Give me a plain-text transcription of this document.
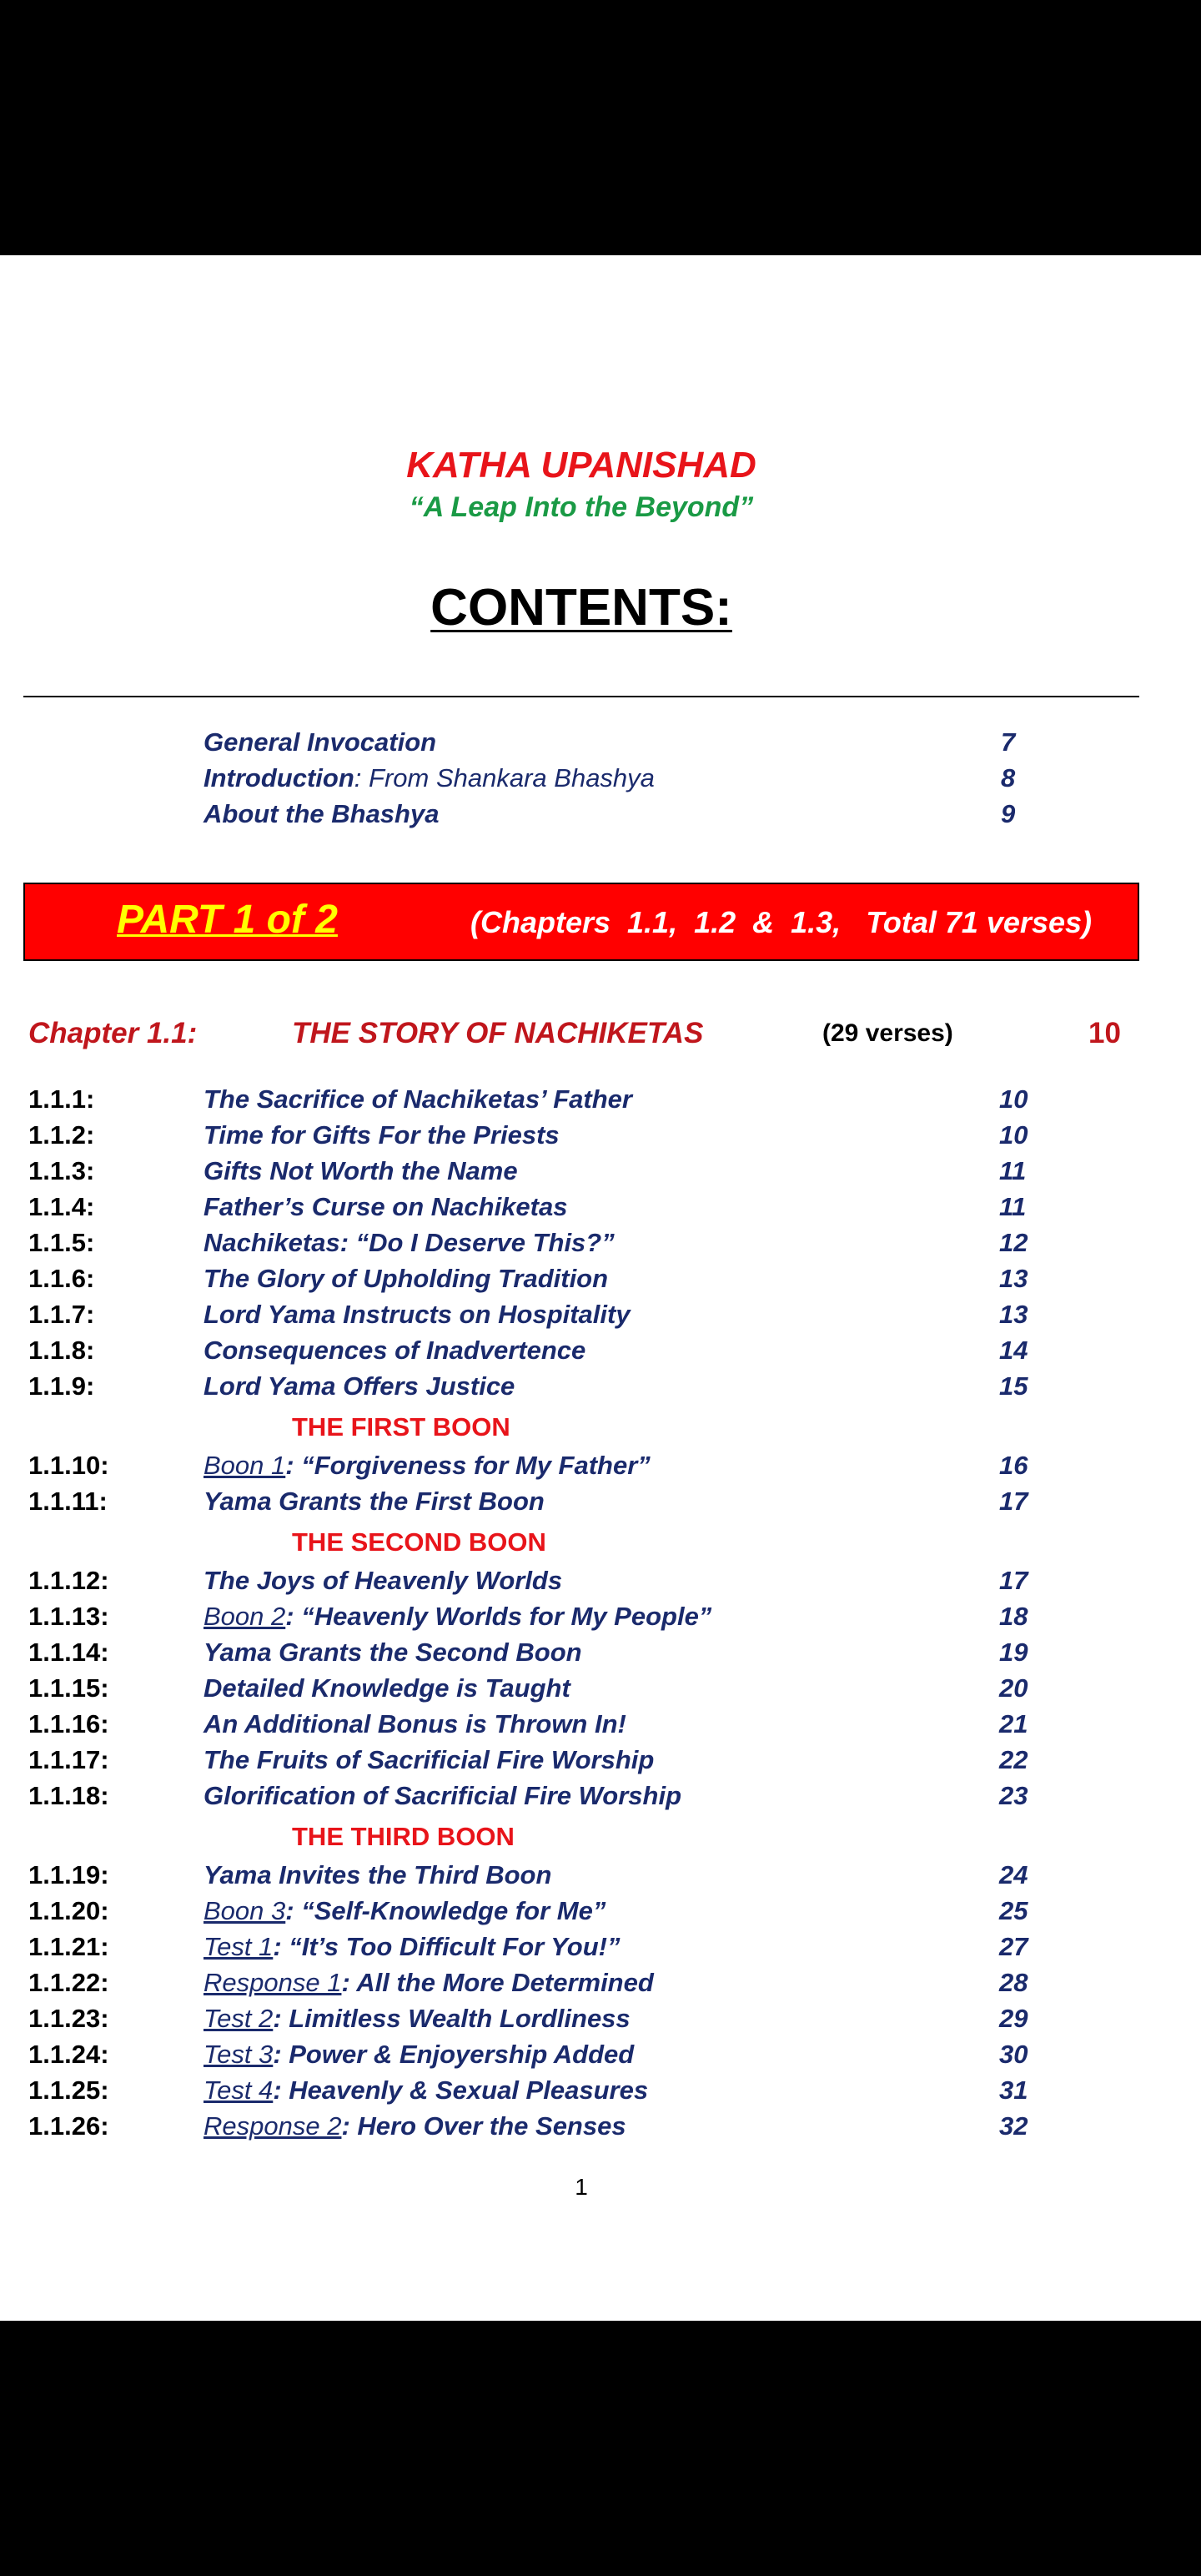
KATHA UPANISHAD
“A Leap Into the Beyond”
CONTENTS:
General Invocation	7
Introduction: From Shankara Bhashya	8
About the Bhashya	9
PART 1 of 2	(Chapters  1.1,  1.2  &  1.3,   Total 71 verses)
Chapter 1.1:	THE STORY OF NACHIKETAS	(29 verses)	10
1.1.1:	The Sacrifice of Nachiketas’ Father	10
1.1.2:	Time for Gifts For the Priests	10
1.1.3:	Gifts Not Worth the Name	11
1.1.4:	Father’s Curse on Nachiketas	11
1.1.5:	Nachiketas: “Do I Deserve This?”	12
1.1.6:	The Glory of Upholding Tradition	13
1.1.7:	Lord Yama Instructs on Hospitality	13
1.1.8:	Consequences of Inadvertence	14
1.1.9:	Lord Yama Offers Justice	15
THE FIRST BOON
1.1.10:	Boon 1: “Forgiveness for My Father”	16
1.1.11:	Yama Grants the First Boon	17
THE SECOND BOON
1.1.12:	The Joys of Heavenly Worlds	17
1.1.13:	Boon 2: “Heavenly Worlds for My People”	18
1.1.14:	Yama Grants the Second Boon	19
1.1.15:	Detailed Knowledge is Taught	20
1.1.16:	An Additional Bonus is Thrown In!	21
1.1.17:	The Fruits of Sacrificial Fire Worship	22
1.1.18:	Glorification of Sacrificial Fire Worship	23
THE THIRD BOON
1.1.19:	Yama Invites the Third Boon	24
1.1.20:	Boon 3: “Self-Knowledge for Me”	25
1.1.21:	Test 1: “It’s Too Difficult For You!”	27
1.1.22:	Response 1: All the More Determined	28
1.1.23:	Test 2: Limitless Wealth Lordliness	29
1.1.24:	Test 3: Power & Enjoyership Added	30
1.1.25:	Test 4: Heavenly & Sexual Pleasures	31
1.1.26:	Response 2: Hero Over the Senses	32
1
